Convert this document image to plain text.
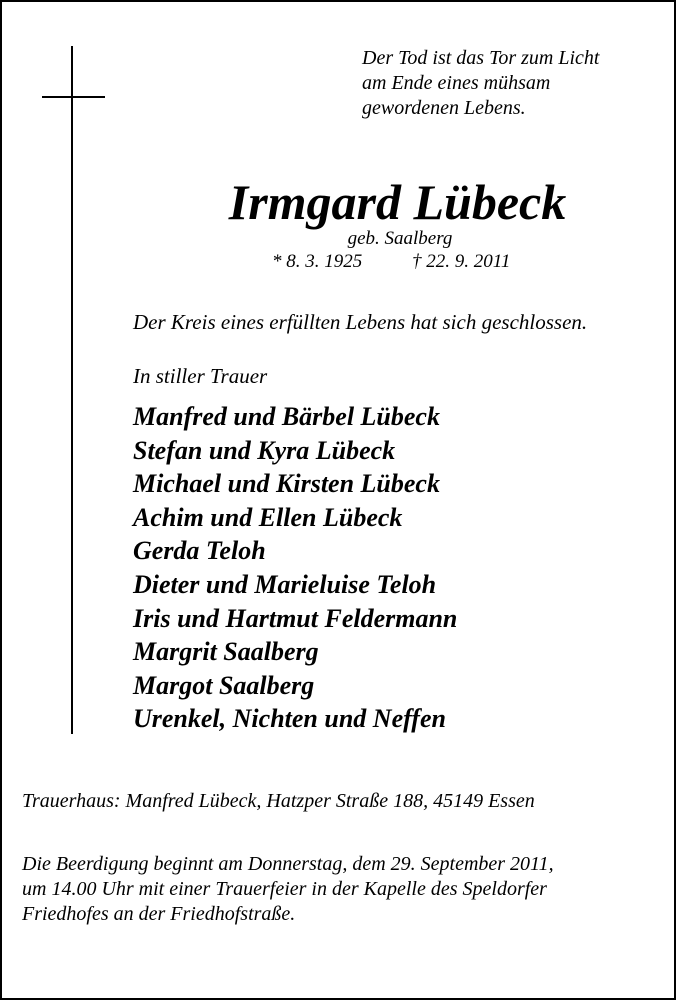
Der Tod ist das Tor zum Licht
am Ende eines mühsam
gewordenen Lebens.
Irmgard Lübeck
geb. Saalberg
* 8. 3. 1925	† 22. 9. 2011
Der Kreis eines erfüllten Lebens hat sich geschlossen.
In stiller Trauer
Manfred und Bärbel Lübeck
Stefan und Kyra Lübeck
Michael und Kirsten Lübeck
Achim und Ellen Lübeck
Gerda Teloh
Dieter und Marieluise Teloh
Iris und Hartmut Feldermann
Margrit Saalberg
Margot Saalberg
Urenkel, Nichten und Neffen
Trauerhaus: Manfred Lübeck, Hatzper Straße 188, 45149 Essen
Die Beerdigung beginnt am Donnerstag, dem 29. September 2011,
um 14.00 Uhr mit einer Trauerfeier in der Kapelle des Speldorfer
Friedhofes an der Friedhofstraße.
